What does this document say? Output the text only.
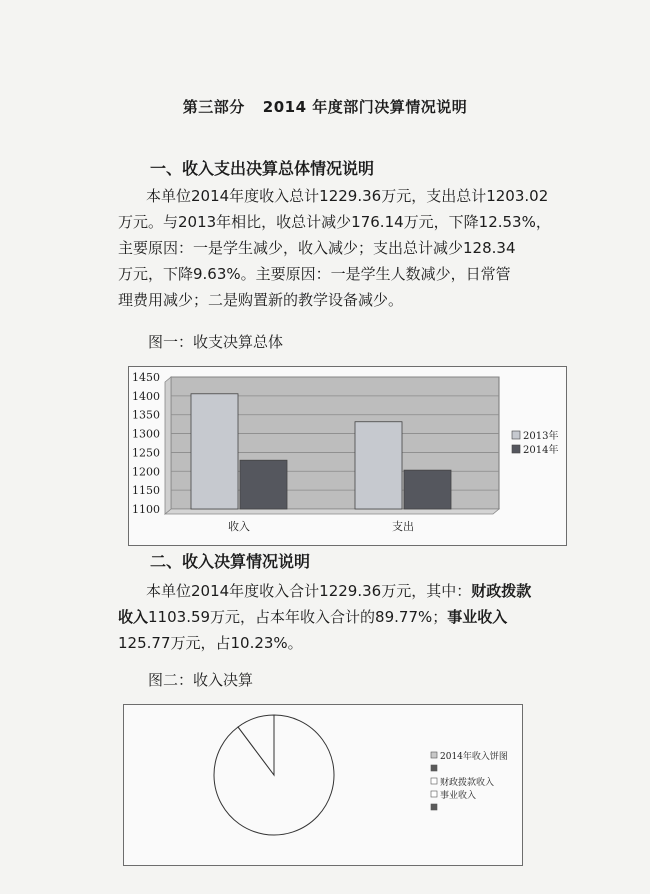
第三部分 2014 年度部门决算情况说明
一、收入支出决算总体情况说明

本单位2014年度收入总计1229.36万元，支出总计1203.02

万元。与2013年相比，收总计减少176.14万元，下降12.53%，

主要原因：一是学生减少，收入减少；支出总计减少128.34

万元，下降9.63%。主要原因：一是学生人数减少，日常管

理费用减少；二是购置新的教学设备减少。

图一：收支决算总体
1100
1150
1200
1250
1300
1350
1400
1450
收入	支出
2013年
2014年
二、收入决算情况说明

本单位2014年度收入合计1229.36万元，其中：财政拨款

收入1103.59万元，占本年收入合计的89.77%；事业收入

125.77万元，占10.23%。

图二：收入决算
2014年收入饼图
财政拨款收入
事业收入
